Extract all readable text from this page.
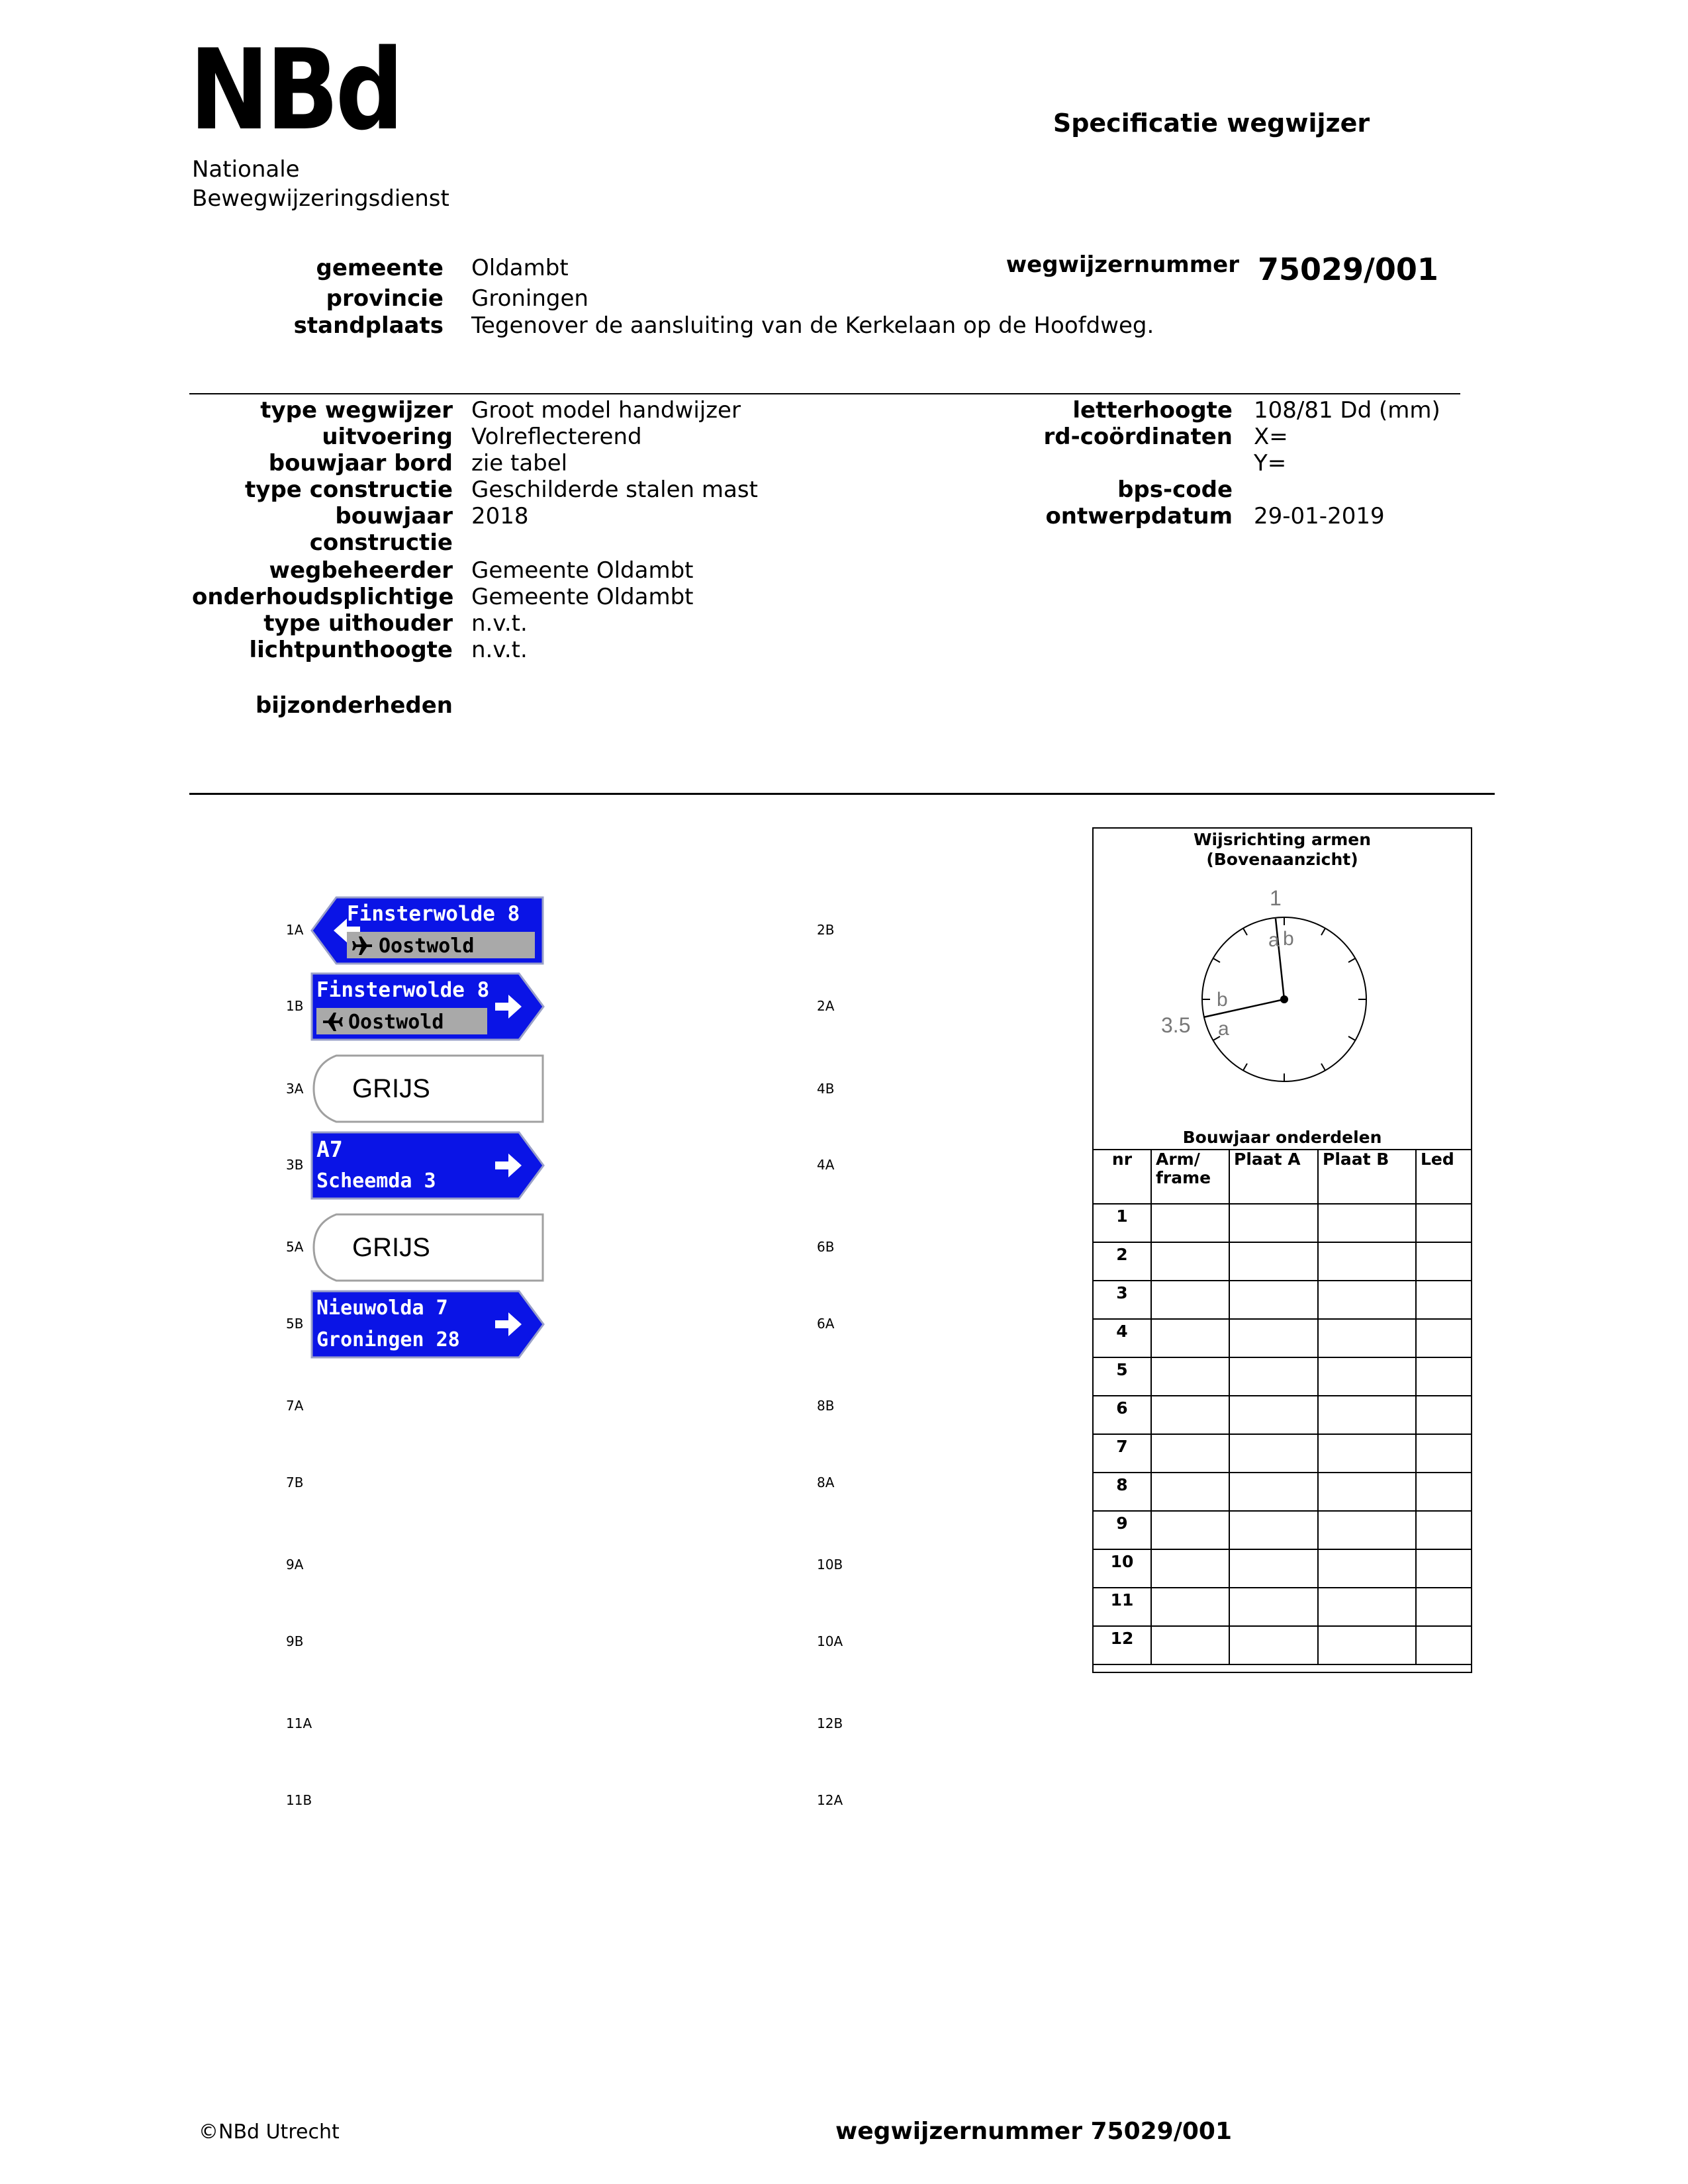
NBd
Nationale
Bewegwijzeringsdienst
Specificatie wegwijzer
gemeente Oldambt
provincie Groningen
standplaats Tegenover de aansluiting van de Kerkelaan op de Hoofdweg.
wegwijzernummer 75029/001
type wegwijzer Groot model handwijzer
uitvoering Volreflecterend
bouwjaar bord zie tabel
type constructie Geschilderde stalen mast
bouwjaar 2018
constructie
wegbeheerder Gemeente Oldambt
onderhoudsplichtige Gemeente Oldambt
type uithouder n.v.t.
lichtpunthoogte n.v.t.
letterhoogte 108/81 Dd (mm)
rd-coördinaten X=
Y=
bps-code
ontwerpdatum 29-01-2019
bijzonderheden
1A
1B
3A
3B
5A
5B
7A
7B
9A
9B
11A
11B
2B
2A
4B
4A
6B
6A
8B
8A
10B
10A
12B
12A
Finsterwolde 8
Oostwold
Finsterwolde 8
Oostwold
GRIJS
A7
Scheemda 3
GRIJS
Nieuwolda 7
Groningen 28
Wijsrichting armen
(Bovenaanzicht)
1
3.5
a b
b
a
Bouwjaar onderdelen
nr	Arm/ frame	Plaat A	Plaat B	Led
1				
2				
3				
4				
5				
6				
7				
8				
9				
10				
11				
12				
©NBd Utrecht	wegwijzernummer 75029/001
